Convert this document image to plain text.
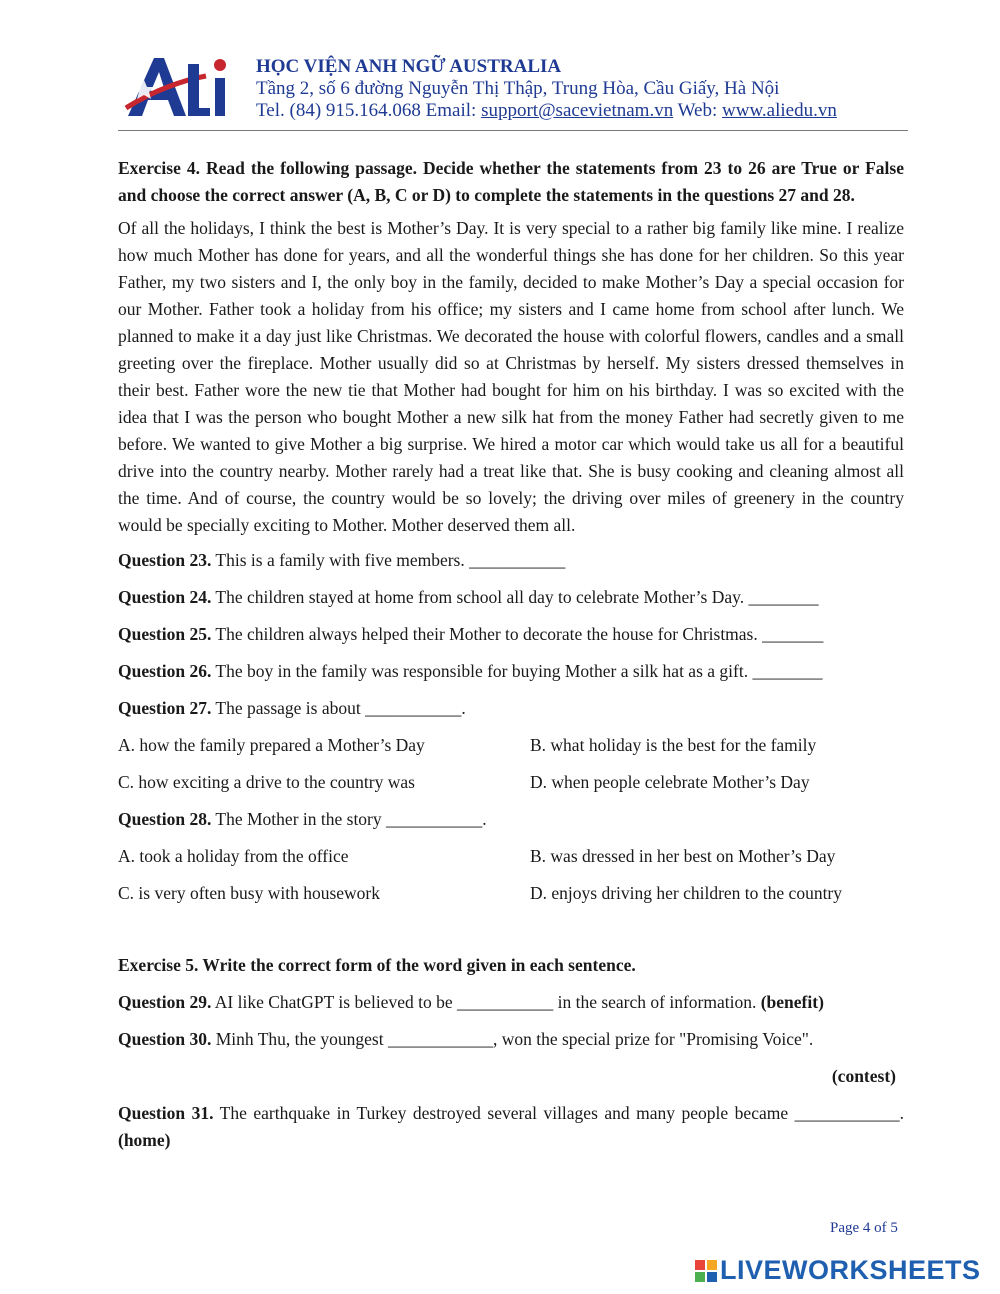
HỌC VIỆN ANH NGỮ AUSTRALIA
Tầng 2, số 6 đường Nguyễn Thị Thập, Trung Hòa, Cầu Giấy, Hà Nội
Tel. (84) 915.164.068 Email: support@sacevietnam.vn Web: www.aliedu.vn

Exercise 4. Read the following passage. Decide whether the statements from 23 to 26 are True or False and choose the correct answer (A, B, C or D) to complete the statements in the questions 27 and 28.

Of all the holidays, I think the best is Mother’s Day. It is very special to a rather big family like mine. I realize how much Mother has done for years, and all the wonderful things she has done for her children. So this year Father, my two sisters and I, the only boy in the family, decided to make Mother’s Day a special occasion for our Mother. Father took a holiday from his office; my sisters and I came home from school after lunch. We planned to make it a day just like Christmas. We decorated the house with colorful flowers, candles and a small greeting over the fireplace. Mother usually did so at Christmas by herself. My sisters dressed themselves in their best. Father wore the new tie that Mother had bought for him on his birthday. I was so excited with the idea that I was the person who bought Mother a new silk hat from the money Father had secretly given to me before. We wanted to give Mother a big surprise. We hired a motor car which would take us all for a beautiful drive into the country nearby. Mother rarely had a treat like that. She is busy cooking and cleaning almost all the time. And of course, the country would be so lovely; the driving over miles of greenery in the country would be specially exciting to Mother. Mother deserved them all.

Question 23. This is a family with five members. ___________

Question 24. The children stayed at home from school all day to celebrate Mother’s Day. ________

Question 25. The children always helped their Mother to decorate the house for Christmas. _______

Question 26. The boy in the family was responsible for buying Mother a silk hat as a gift. ________

Question 27. The passage is about ___________.

A. how the family prepared a Mother’s Day	B. what holiday is the best for the family
C. how exciting a drive to the country was	D. when people celebrate Mother’s Day

Question 28. The Mother in the story ___________.

A. took a holiday from the office	B. was dressed in her best on Mother’s Day
C. is very often busy with housework	D. enjoys driving her children to the country

Exercise 5. Write the correct form of the word given in each sentence.

Question 29. AI like ChatGPT is believed to be ___________ in the search of information. (benefit)

Question 30. Minh Thu, the youngest ____________, won the special prize for "Promising Voice".

(contest)

Question 31. The earthquake in Turkey destroyed several villages and many people became ____________. (home)

Page 4 of 5
LIVEWORKSHEETS
